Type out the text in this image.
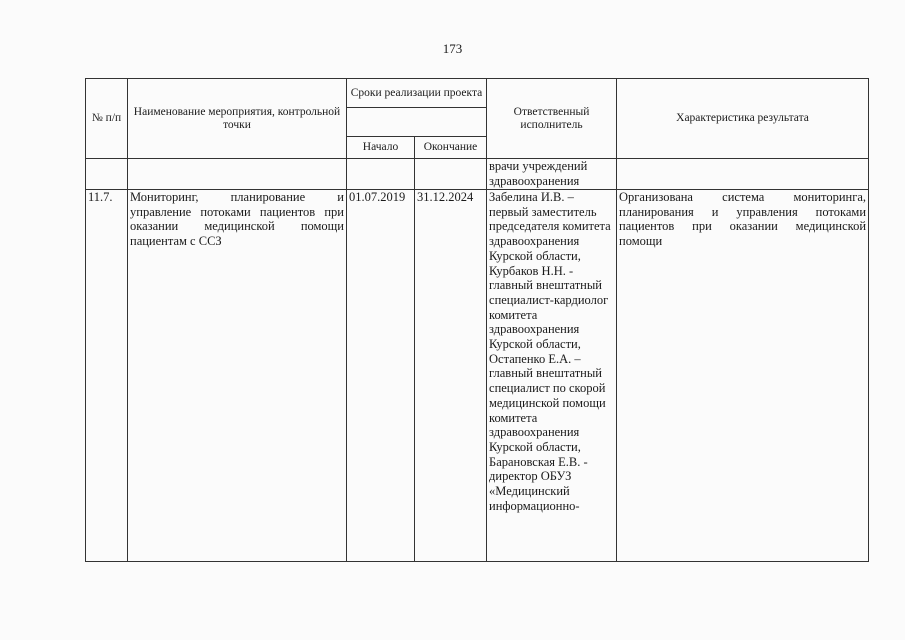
173
№ п/п	Наименование мероприятия, контрольной точки	Сроки реализации проекта		Ответственный исполнитель	Характеристика результата

		Начало	Окончание		
				врачи учреждений здравоохранения	
11.7.	Мониторинг, планирование и управление потоками пациентов при оказании медицинской помощи пациентам с ССЗ	01.07.2019	31.12.2024	Забелина И.В. – первый заместитель председателя комитета здравоохранения Курской области, Курбаков Н.Н. - главный внештатный специалист-кардиолог комитета здравоохранения Курской области, Остапенко Е.А. – главный внештатный специалист по скорой медицинской помощи комитета здравоохранения Курской области, Барановская Е.В. - директор ОБУЗ «Медицинский информационно-	Организована система мониторинга, планирования и управления потоками пациентов при оказании медицинской помощи
